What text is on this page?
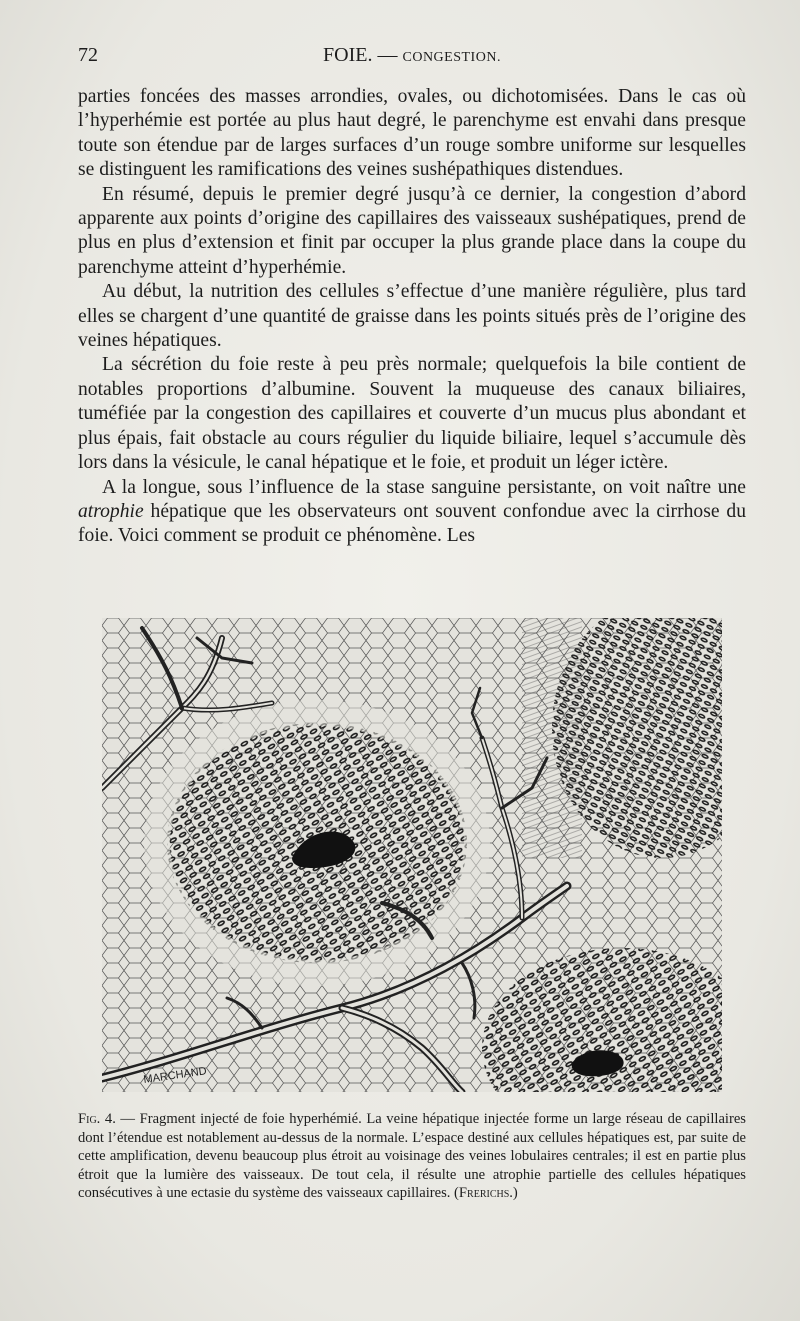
72	FOIE. — CONGESTION.

parties foncées des masses arrondies, ovales, ou dichotomisées. Dans le cas où l’hyperhémie est portée au plus haut degré, le parenchyme est envahi dans presque toute son étendue par de larges surfaces d’un rouge sombre uniforme sur lesquelles se distinguent les ramifications des veines sushépathiques distendues.

En résumé, depuis le premier degré jusqu’à ce dernier, la congestion d’abord apparente aux points d’origine des capillaires des vaisseaux sushépatiques, prend de plus en plus d’extension et finit par occuper la plus grande place dans la coupe du parenchyme atteint d’hyperhémie.

Au début, la nutrition des cellules s’effectue d’une manière régulière, plus tard elles se chargent d’une quantité de graisse dans les points situés près de l’origine des veines hépatiques.

La sécrétion du foie reste à peu près normale; quelquefois la bile contient de notables proportions d’albumine. Souvent la muqueuse des canaux biliaires, tuméfiée par la congestion des capillaires et couverte d’un mucus plus abondant et plus épais, fait obstacle au cours régulier du liquide biliaire, lequel s’accumule dès lors dans la vésicule, le canal hépatique et le foie, et produit un léger ictère.

A la longue, sous l’influence de la stase sanguine persistante, on voit naître une atrophie hépatique que les observateurs ont souvent confondue avec la cirrhose du foie. Voici comment se produit ce phénomène. Les

MARCHAND
Fig. 4. — Fragment injecté de foie hyperhémié. La veine hépatique injectée forme un large réseau de capillaires dont l’étendue est notablement au-dessus de la normale. L’espace destiné aux cellules hépatiques est, par suite de cette amplification, devenu beaucoup plus étroit au voisinage des veines lobulaires centrales; il est en partie plus étroit que la lumière des vaisseaux. De tout cela, il résulte une atrophie partielle des cellules hépatiques consécutives à une ectasie du système des vaisseaux capillaires. (Frerichs.)
